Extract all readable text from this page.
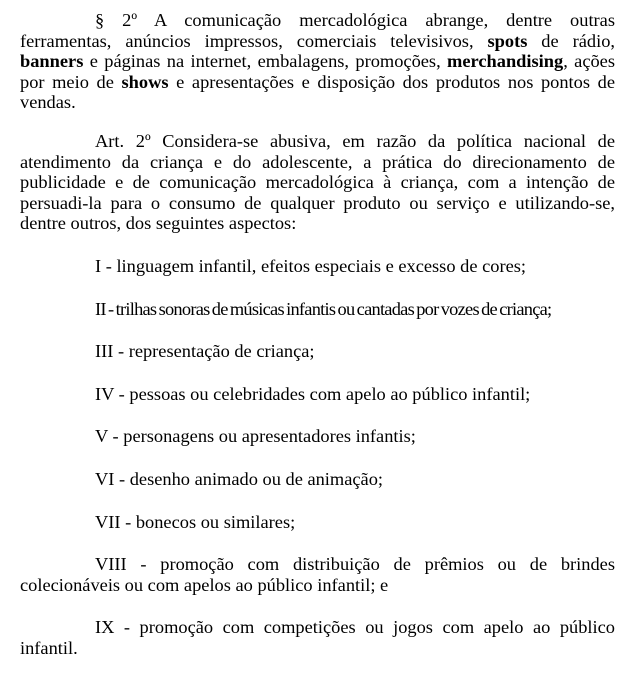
§ 2º A comunicação mercadológica abrange, dentre outras ferramentas, anúncios impressos, comerciais televisivos, spots de rádio, banners e páginas na internet, embalagens, promoções, merchandising, ações por meio de shows e apresentações e disposição dos produtos nos pontos de vendas.

Art. 2º Considera-se abusiva, em razão da política nacional de atendimento da criança e do adolescente, a prática do direcionamento de publicidade e de comunicação mercadológica à criança, com a intenção de persuadi-la para o consumo de qualquer produto ou serviço e utilizando-se, dentre outros, dos seguintes aspectos:

I - linguagem infantil, efeitos especiais e excesso de cores;

II - trilhas sonoras de músicas infantis ou cantadas por vozes de criança;

III - representação de criança;

IV - pessoas ou celebridades com apelo ao público infantil;

V - personagens ou apresentadores infantis;

VI - desenho animado ou de animação;

VII - bonecos ou similares;

VIII - promoção com distribuição de prêmios ou de brindes colecionáveis ou com apelos ao público infantil; e

IX - promoção com competições ou jogos com apelo ao público infantil.
